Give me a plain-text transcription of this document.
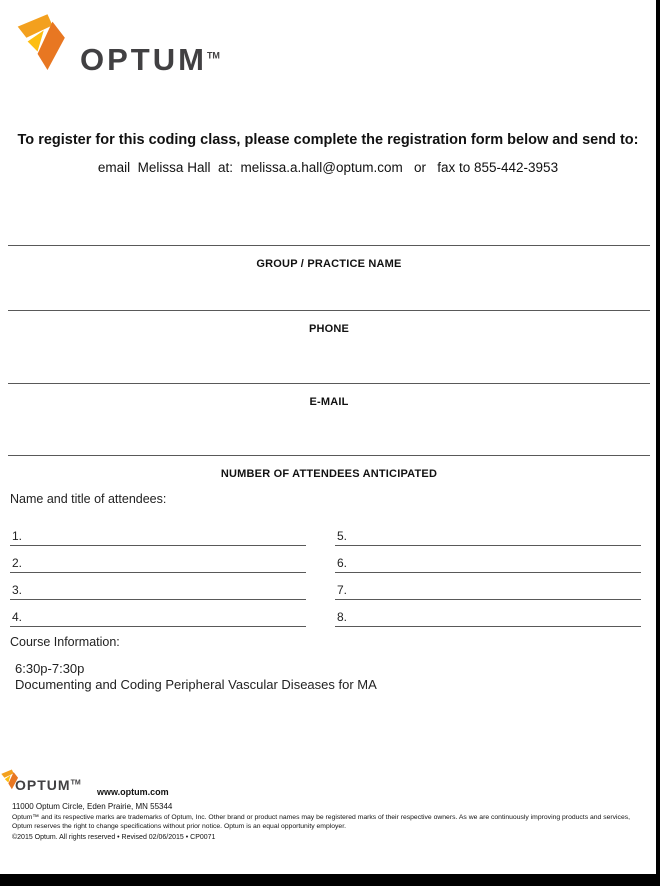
OPTUM™

To register for this coding class, please complete the registration form below and send to:

email  Melissa Hall  at:  melissa.a.hall@optum.com   or   fax to 855-442-3953

GROUP / PRACTICE NAME
PHONE
E-MAIL
NUMBER OF ATTENDEES ANTICIPATED
Name and title of attendees:
1.
2.
3.
4.
5.
6.
7.
8.
Course Information:
6:30p-7:30p
Documenting and Coding Peripheral Vascular Diseases for MA
OPTUM™
www.optum.com
11000 Optum Circle, Eden Prairie, MN 55344
Optum™ and its respective marks are trademarks of Optum, Inc. Other brand or product names may be registered marks of their respective owners. As we are continuously improving products and services, Optum reserves the right to change specifications without prior notice. Optum is an equal opportunity employer.
©2015 Optum. All rights reserved • Revised 02/06/2015 • CP0071
